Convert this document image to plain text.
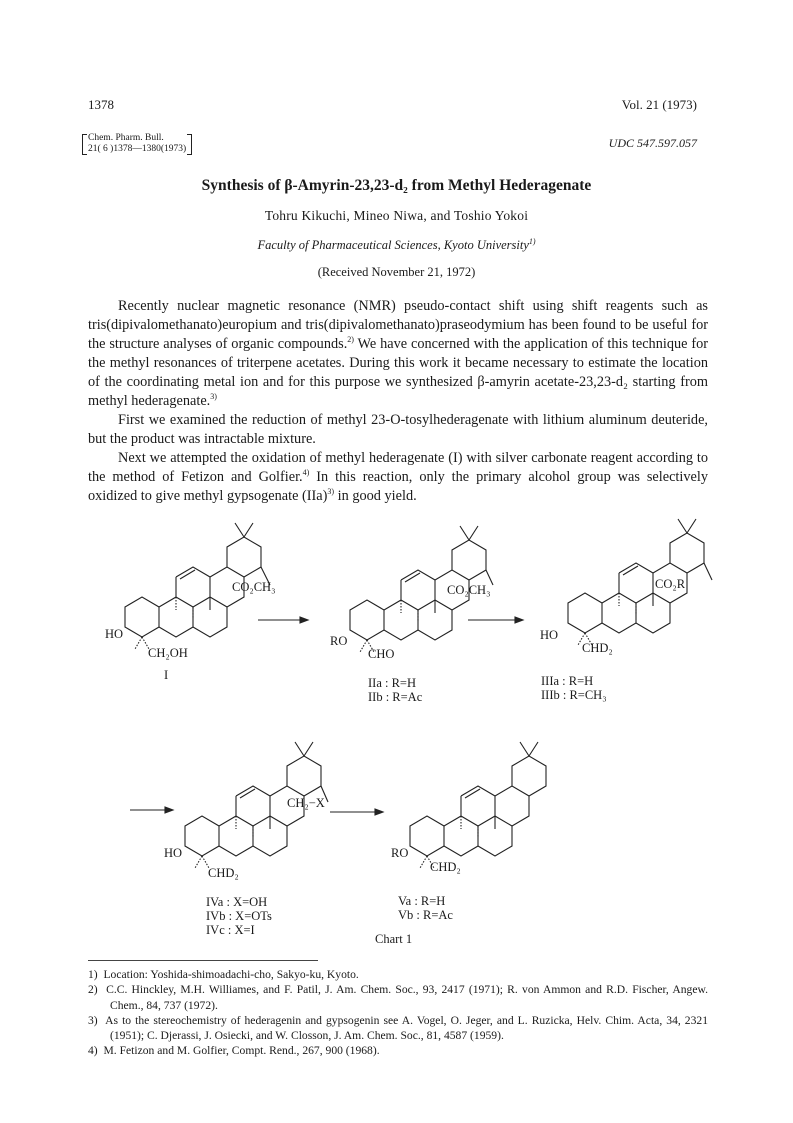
1378	Vol. 21 (1973)
Chem. Pharm. Bull.
21( 6 )1378—1380(1973)	UDC 547.597.057
Synthesis of β-Amyrin-23,23-d₂ from Methyl Hederagenate
Tohru Kikuchi, Mineo Niwa, and Toshio Yokoi
Faculty of Pharmaceutical Sciences, Kyoto University$^{1)}$
(Received November 21, 1972)

Recently nuclear magnetic resonance (NMR) pseudo-contact shift using shift reagents such as tris(dipivalomethanato)europium and tris(dipivalomethanato)praseodymium has been found to be useful for the structure analyses of organic compounds.$^{2)}$ We have concerned with the application of this technique for the methyl resonances of triterpene acetates. During this work it became necessary to estimate the location of the coordinating metal ion and for this purpose we synthesized β-amyrin acetate-23,23-d₂ starting from methyl hederagenate.$^{3)}$

First we examined the reduction of methyl 23-O-tosylhederagenate with lithium aluminum deuteride, but the product was intractable mixture.

Next we attempted the oxidation of methyl hederagenate (I) with silver carbonate reagent according to the method of Fetizon and Golfier.$^{4)}$ In this reaction, only the primary alcohol group was selectively oxidized to give methyl gypsogenate (IIa)$^{3)}$ in good yield.

CO₂CH₃
HO
CH₂OH
I
CO₂CH₃
RO
CHO
IIa : R=H
IIb : R=Ac
CO₂R
HO
CHD₂
IIIa : R=H
IIIb : R=CH₃
CH₂−X
HO
CHD₂
IVa : X=OH
IVb : X=OTs
IVc : X=I
RO
CHD₂
Va : R=H
Vb : R=Ac
Chart 1
1) Location: Yoshida-shimoadachi-cho, Sakyo-ku, Kyoto.
2) C.C. Hinckley, M.H. Williames, and F. Patil, J. Am. Chem. Soc., 93, 2417 (1971); R. von Ammon and R.D. Fischer, Angew. Chem., 84, 737 (1972).
3) As to the stereochemistry of hederagenin and gypsogenin see A. Vogel, O. Jeger, and L. Ruzicka, Helv. Chim. Acta, 34, 2321 (1951); C. Djerassi, J. Osiecki, and W. Closson, J. Am. Chem. Soc., 81, 4587 (1959).
4) M. Fetizon and M. Golfier, Compt. Rend., 267, 900 (1968).
